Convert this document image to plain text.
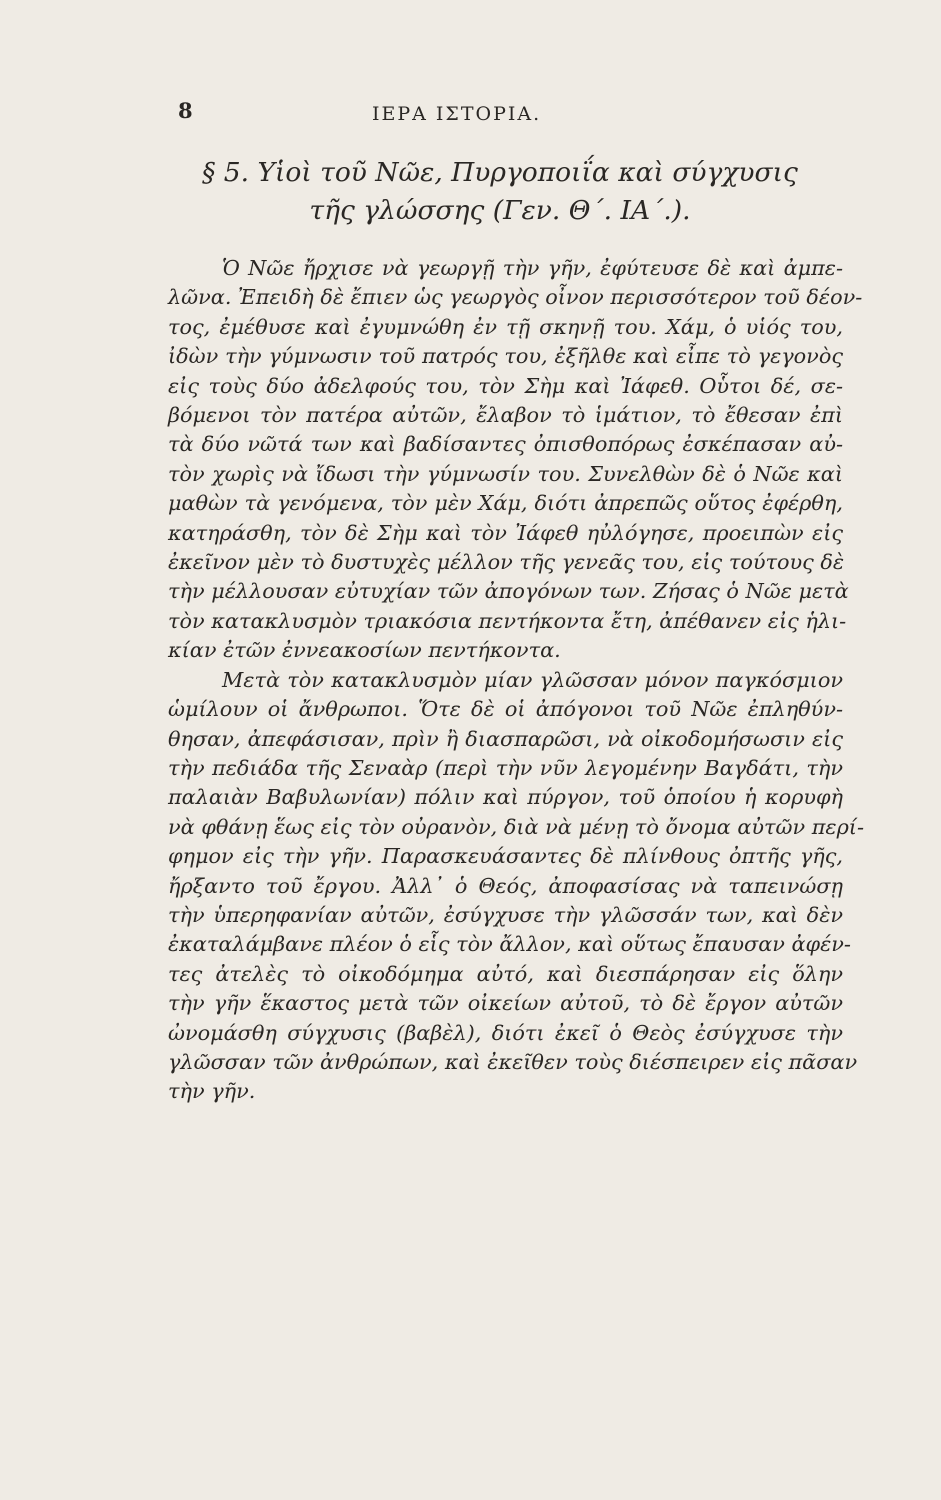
8	ΙΕΡΑ ΙΣΤΟΡΙΑ.
§ 5. Υἱοὶ τοῦ Νῶε, Πυργοποιΐα καὶ σύγχυσις
τῆς γλώσσης (Γεν. Θ΄. ΙΑ΄.).
Ὁ Νῶε ἤρχισε νὰ γεωργῇ τὴν γῆν, ἐφύτευσε δὲ καὶ ἀμπε-
λῶνα. Ἐπειδὴ δὲ ἔπιεν ὡς γεωργὸς οἶνον περισσότερον τοῦ δέον-
τος, ἐμέθυσε καὶ ἐγυμνώθη ἐν τῇ σκηνῇ του. Χάμ, ὁ υἱός του,
ἰδὼν τὴν γύμνωσιν τοῦ πατρός του, ἐξῆλθε καὶ εἶπε τὸ γεγονὸς
εἰς τοὺς δύο ἀδελφούς του, τὸν Σὴμ καὶ Ἰάφεθ. Οὗτοι δέ, σε-
βόμενοι τὸν πατέρα αὐτῶν, ἔλαβον τὸ ἱμάτιον, τὸ ἔθεσαν ἐπὶ
τὰ δύο νῶτά των καὶ βαδίσαντες ὀπισθοπόρως ἐσκέπασαν αὐ-
τὸν χωρὶς νὰ ἴδωσι τὴν γύμνωσίν του. Συνελθὼν δὲ ὁ Νῶε καὶ
μαθὼν τὰ γενόμενα, τὸν μὲν Χάμ, διότι ἀπρεπῶς οὕτος ἐφέρθη,
κατηράσθη, τὸν δὲ Σὴμ καὶ τὸν Ἰάφεθ ηὐλόγησε, προειπὼν εἰς
ἐκεῖνον μὲν τὸ δυστυχὲς μέλλον τῆς γενεᾶς του, εἰς τούτους δὲ
τὴν μέλλουσαν εὐτυχίαν τῶν ἀπογόνων των. Ζήσας ὁ Νῶε μετὰ
τὸν κατακλυσμὸν τριακόσια πεντήκοντα ἔτη, ἀπέθανεν εἰς ἡλι-
κίαν ἐτῶν ἐννεακοσίων πεντήκοντα.
Μετὰ τὸν κατακλυσμὸν μίαν γλῶσσαν μόνον παγκόσμιον
ὡμίλουν οἱ ἄνθρωποι. Ὅτε δὲ οἱ ἀπόγονοι τοῦ Νῶε ἐπληθύν-
θησαν, ἀπεφάσισαν, πρὶν ἢ διασπαρῶσι, νὰ οἰκοδομήσωσιν εἰς
τὴν πεδιάδα τῆς Σεναὰρ (περὶ τὴν νῦν λεγομένην Βαγδάτι, τὴν
παλαιὰν Βαβυλωνίαν) πόλιν καὶ πύργον, τοῦ ὁποίου ἡ κορυφὴ
νὰ φθάνῃ ἕως εἰς τὸν οὐρανὸν, διὰ νὰ μένῃ τὸ ὄνομα αὐτῶν περί-
φημον εἰς τὴν γῆν. Παρασκευάσαντες δὲ πλίνθους ὀπτῆς γῆς,
ἤρξαντο τοῦ ἔργου. Ἀλλ᾽ ὁ Θεός, ἀποφασίσας νὰ ταπεινώσῃ
τὴν ὑπερηφανίαν αὐτῶν, ἐσύγχυσε τὴν γλῶσσάν των, καὶ δὲν
ἐκαταλάμβανε πλέον ὁ εἷς τὸν ἄλλον, καὶ οὕτως ἔπαυσαν ἀφέν-
τες ἀτελὲς τὸ οἰκοδόμημα αὐτό, καὶ διεσπάρησαν εἰς ὅλην
τὴν γῆν ἕκαστος μετὰ τῶν οἰκείων αὐτοῦ, τὸ δὲ ἔργον αὐτῶν
ὠνομάσθη σύγχυσις (βαβὲλ), διότι ἐκεῖ ὁ Θεὸς ἐσύγχυσε τὴν
γλῶσσαν τῶν ἀνθρώπων, καὶ ἐκεῖθεν τοὺς διέσπειρεν εἰς πᾶσαν
τὴν γῆν.
